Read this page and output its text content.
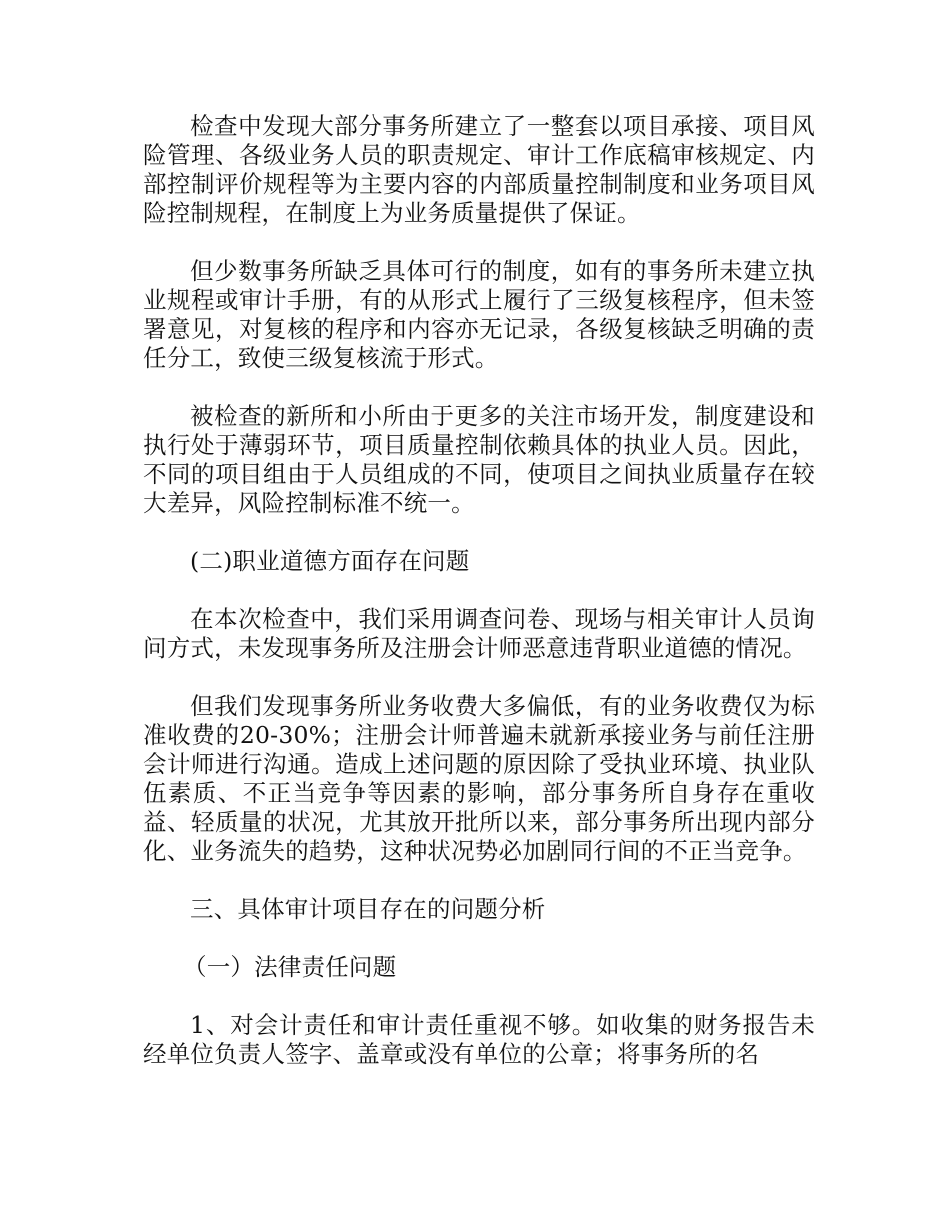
检查中发现大部分事务所建立了一整套以项目承接、项目风险管理、各级业务人员的职责规定、审计工作底稿审核规定、内部控制评价规程等为主要内容的内部质量控制制度和业务项目风险控制规程，在制度上为业务质量提供了保证。

但少数事务所缺乏具体可行的制度，如有的事务所未建立执业规程或审计手册，有的从形式上履行了三级复核程序，但未签署意见，对复核的程序和内容亦无记录，各级复核缺乏明确的责任分工，致使三级复核流于形式。

被检查的新所和小所由于更多的关注市场开发，制度建设和执行处于薄弱环节，项目质量控制依赖具体的执业人员。因此，不同的项目组由于人员组成的不同，使项目之间执业质量存在较大差异，风险控制标准不统一。

(二)职业道德方面存在问题

在本次检查中，我们采用调查问卷、现场与相关审计人员询问方式，未发现事务所及注册会计师恶意违背职业道德的情况。

但我们发现事务所业务收费大多偏低，有的业务收费仅为标准收费的20-30%；注册会计师普遍未就新承接业务与前任注册会计师进行沟通。造成上述问题的原因除了受执业环境、执业队伍素质、不正当竞争等因素的影响，部分事务所自身存在重收益、轻质量的状况，尤其放开批所以来，部分事务所出现内部分化、业务流失的趋势，这种状况势必加剧同行间的不正当竞争。

三、具体审计项目存在的问题分析

（一）法律责任问题

1、对会计责任和审计责任重视不够。如收集的财务报告未经单位负责人签字、盖章或没有单位的公章；将事务所的名
